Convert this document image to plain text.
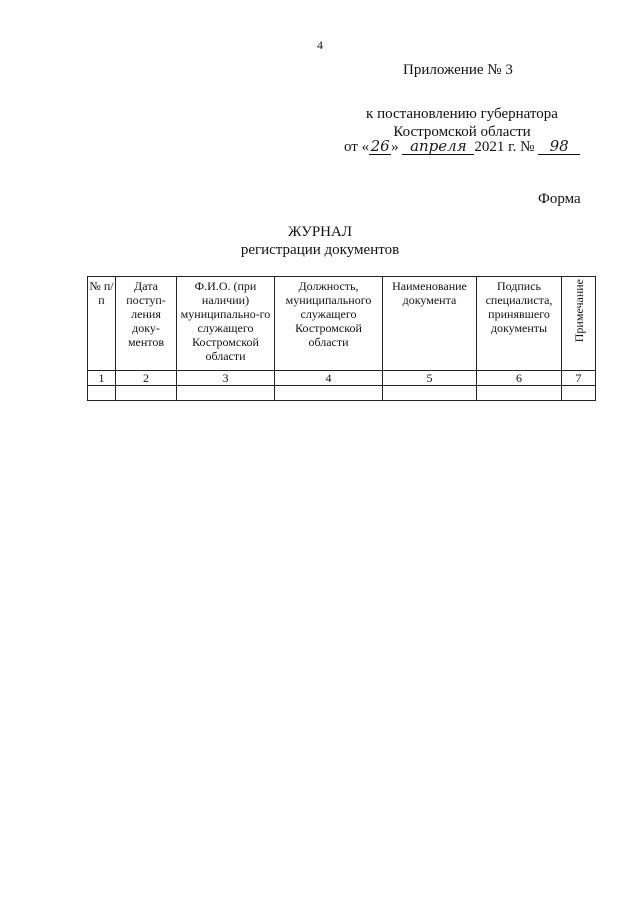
4
Приложение № 3
к постановлению губернатора
Костромской области
от «26» апреля 2021 г. № 98
Форма
ЖУРНАЛ
регистрации документов
№ п/п	Дата поступ-ления доку-ментов	Ф.И.О. (при наличии) муниципально-го служащего Костромской области	Должность, муниципального служащего Костромской области	Наименование документа	Подпись специалиста, принявшего документы	Примечание
1	2	3	4	5	6	7
